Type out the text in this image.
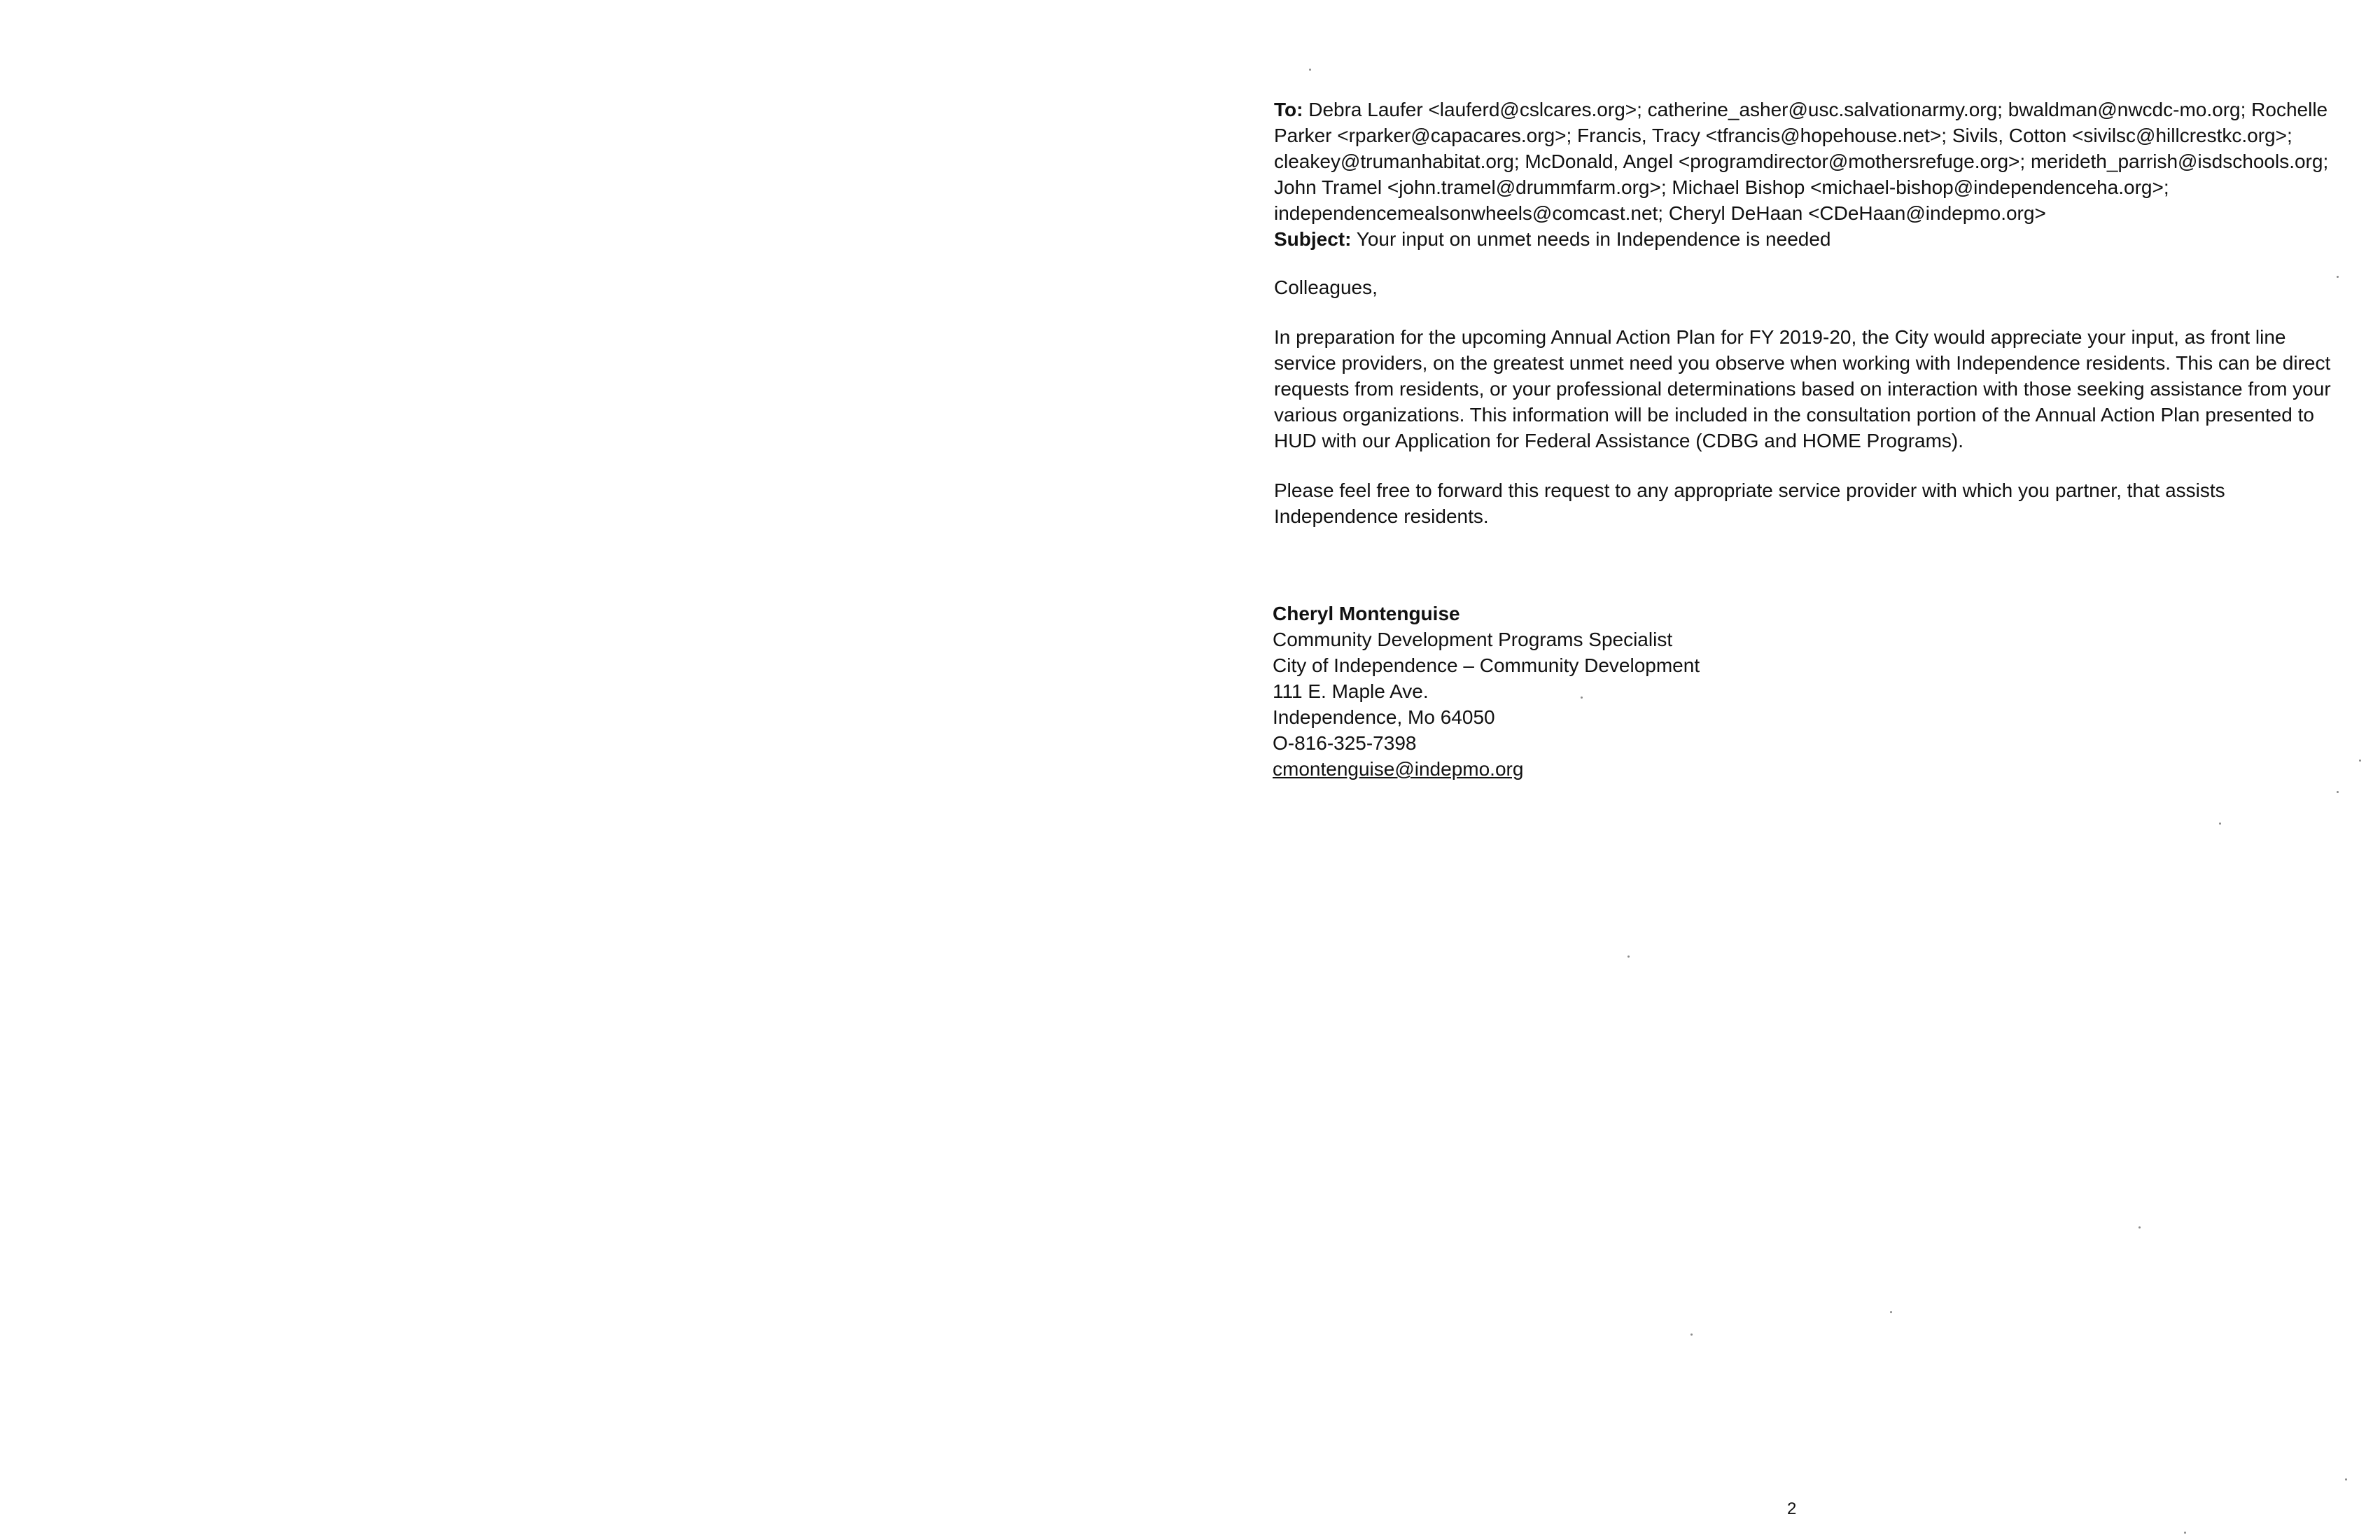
To: Debra Laufer <lauferd@cslcares.org>; catherine_asher@usc.salvationarmy.org; bwaldman@nwcdc-mo.org; Rochelle Parker <rparker@capacares.org>; Francis, Tracy <tfrancis@hopehouse.net>; Sivils, Cotton <sivilsc@hillcrestkc.org>; cleakey@trumanhabitat.org; McDonald, Angel <programdirector@mothersrefuge.org>; merideth_parrish@isdschools.org; John Tramel <john.tramel@drummfarm.org>; Michael Bishop <michael-bishop@independenceha.org>; independencemealsonwheels@comcast.net; Cheryl DeHaan <CDeHaan@indepmo.org>

Subject: Your input on unmet needs in Independence is needed

Colleagues,

In preparation for the upcoming Annual Action Plan for FY 2019-20, the City would appreciate your input, as front line service providers, on the greatest unmet need you observe when working with Independence residents. This can be direct requests from residents, or your professional determinations based on interaction with those seeking assistance from your various organizations. This information will be included in the consultation portion of the Annual Action Plan presented to HUD with our Application for Federal Assistance (CDBG and HOME Programs).

Please feel free to forward this request to any appropriate service provider with which you partner, that assists Independence residents.

Cheryl Montenguise
Community Development Programs Specialist
City of Independence – Community Development
111 E. Maple Ave.
Independence, Mo 64050
O-816-325-7398
cmontenguise@indepmo.org
2
